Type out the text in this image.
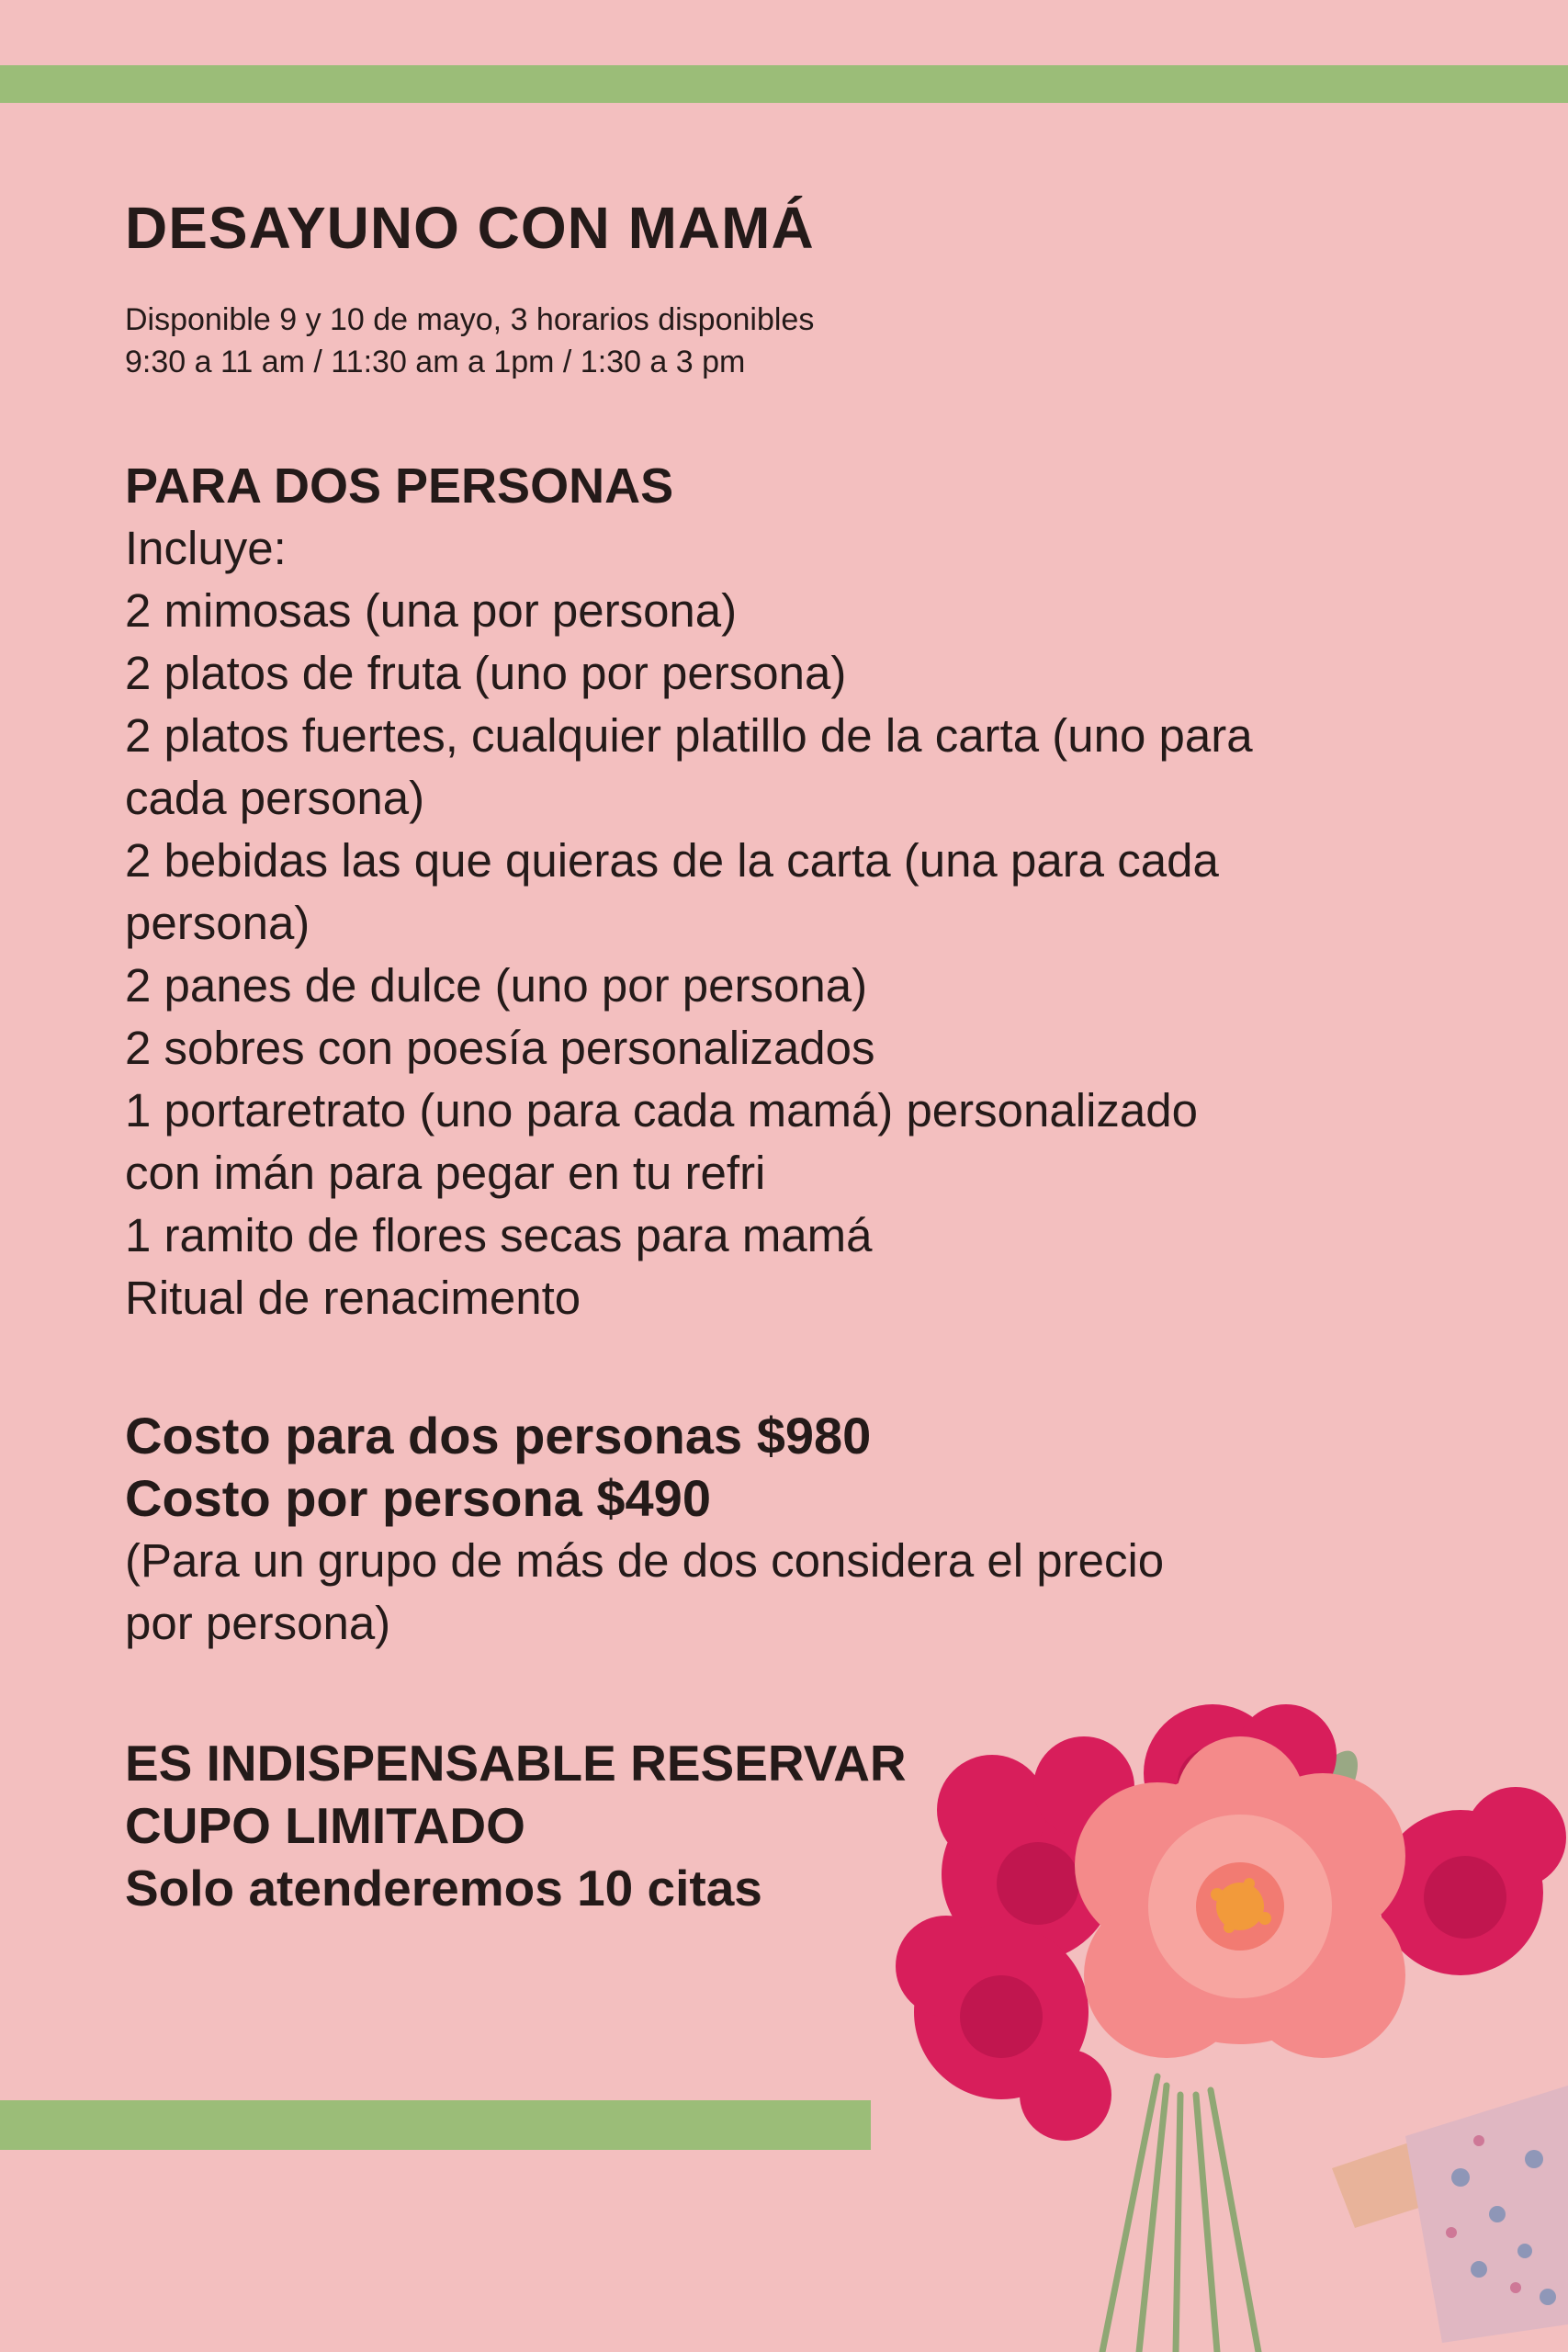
DESAYUNO CON MAMÁ
Disponible 9 y 10 de mayo, 3 horarios disponibles
9:30 a 11 am / 11:30 am a 1pm / 1:30 a 3 pm
PARA DOS PERSONAS
Incluye:
2 mimosas (una por persona)
2 platos de fruta (uno por persona)
2 platos fuertes, cualquier platillo de la carta (uno para
cada persona)
2 bebidas las que quieras de la carta (una para cada
persona)
2 panes de dulce (uno por persona)
2 sobres con poesía personalizados
1 portaretrato (uno para cada mamá) personalizado
con imán para pegar en tu refri
1 ramito de flores secas para mamá
Ritual de renacimento
Costo para dos personas $980
Costo por persona $490
(Para un grupo de más de dos considera el precio
por persona)
ES INDISPENSABLE RESERVAR
CUPO LIMITADO
Solo atenderemos 10 citas
